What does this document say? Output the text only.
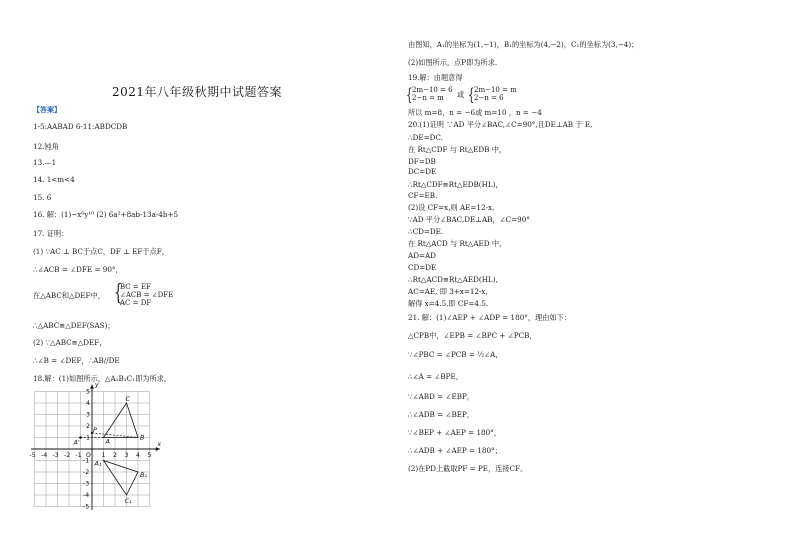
2021年八年级秋期中试题答案
【答案】
1-5:AABAD 6-11:ABDCDB
12.钝角
13.—1
14. 1<m<4
15. 6
16. 解：(1)−x⁶y¹⁰ (2) 6a²+8ab-13a-4b+5
17. 证明：
(1) ∵AC ⊥ BC于点C，DF ⊥ EF于点F，
∴∠ACB = ∠DFE = 90°，
在△ABC和△DEF中，
∴△ABC≌△DEF(SAS)；
(2) ∵△ABC≌△DEF，
∴∠B = ∠DEF，∴AB//DE
18.解：(1)如图所示，△A₁B₁C₁即为所求，
由图知，A₁的坐标为(1,−1)，B₁的坐标为(4,−2)，C₁的坐标为(3,−4)；
(2)如图所示，点P即为所求.
19.解：由题意得
所以 m=8，n = −6或 m=10 ，n = −4
20.(1)证明 ∵AD 平分∠BAC,∠C=90°,且DE⊥AB 于 E,
∴DE=DC.
在 Rt△CDF 与 Rt△EDB 中，
DF=DB
DC=DE
∴Rt△CDF≌Rt△EDB(HL)，
CF=EB.
(2)设 CF=x,则 AE=12-x,
∵AD 平分∠BAC,DE⊥AB，∠C=90°
∴CD=DE.
在 Rt△ACD 与 Rt△AED 中，
AD=AD
CD=DE
∴Rt△ACD≌Rt△AED(HL),
AC=AE, 即 3+x=12-x,
解得 x=4.5,即 CF=4.5.
21. 解：(1)∠AEP + ∠ADP = 180°，理由如下：
△CPB中，∠EPB = ∠BPC + ∠PCB，
∵∠PBC = ∠PCB = ½∠A，
∴∠A = ∠BPE，
∵∠ABD = ∠EBP，
∴∠ADB = ∠BEP，
∵∠BEP + ∠AEP = 180°，
∴∠ADB + ∠AEP = 180°；
(2)在PD上截取PF = PE，连接CF。
{
BC = EF
∠ACB = ∠DFE
AC = DF
{ 2m−10 = 6
2−n = m	或 { 2m−10 = m
2−n = 6
x
y
-5 -4 -3 -2 -1 O 1 2 3 4 5
5
4
3
2
1
-1
-2
-3
-4
-5
C
B
A
P
A'
A₁
B₁
C₁
